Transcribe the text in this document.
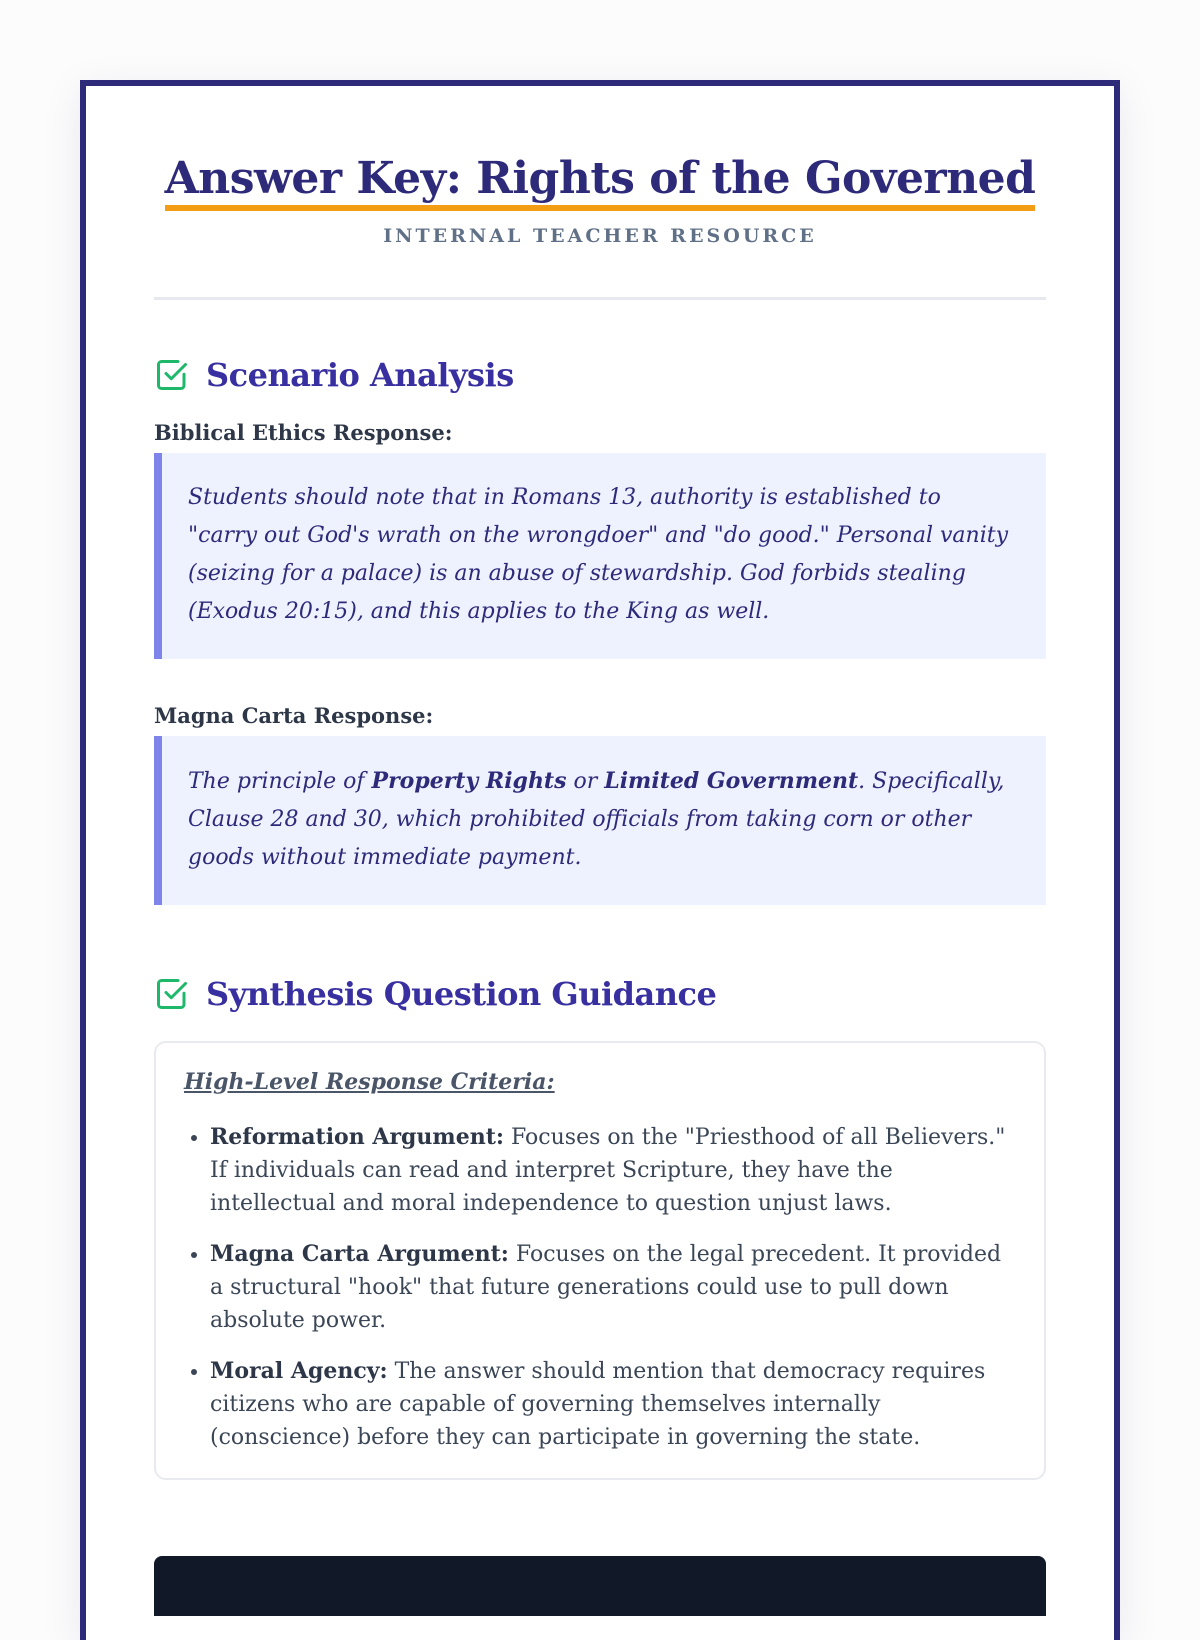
Answer Key: Rights of the Governed
INTERNAL TEACHER RESOURCE
Scenario Analysis
Biblical Ethics Response:
Students should note that in Romans 13, authority is established to "carry out God's wrath on the wrongdoer" and "do good." Personal vanity (seizing for a palace) is an abuse of stewardship. God forbids stealing (Exodus 20:15), and this applies to the King as well.
Magna Carta Response:
The principle of Property Rights or Limited Government. Specifically, Clause 28 and 30, which prohibited officials from taking corn or other goods without immediate payment.
Synthesis Question Guidance

High-Level Response Criteria:

• Reformation Argument: Focuses on the "Priesthood of all Believers." If individuals can read and interpret Scripture, they have the intellectual and moral independence to question unjust laws.
• Magna Carta Argument: Focuses on the legal precedent. It provided a structural "hook" that future generations could use to pull down absolute power.
• Moral Agency: The answer should mention that democracy requires citizens who are capable of governing themselves internally (conscience) before they can participate in governing the state.
